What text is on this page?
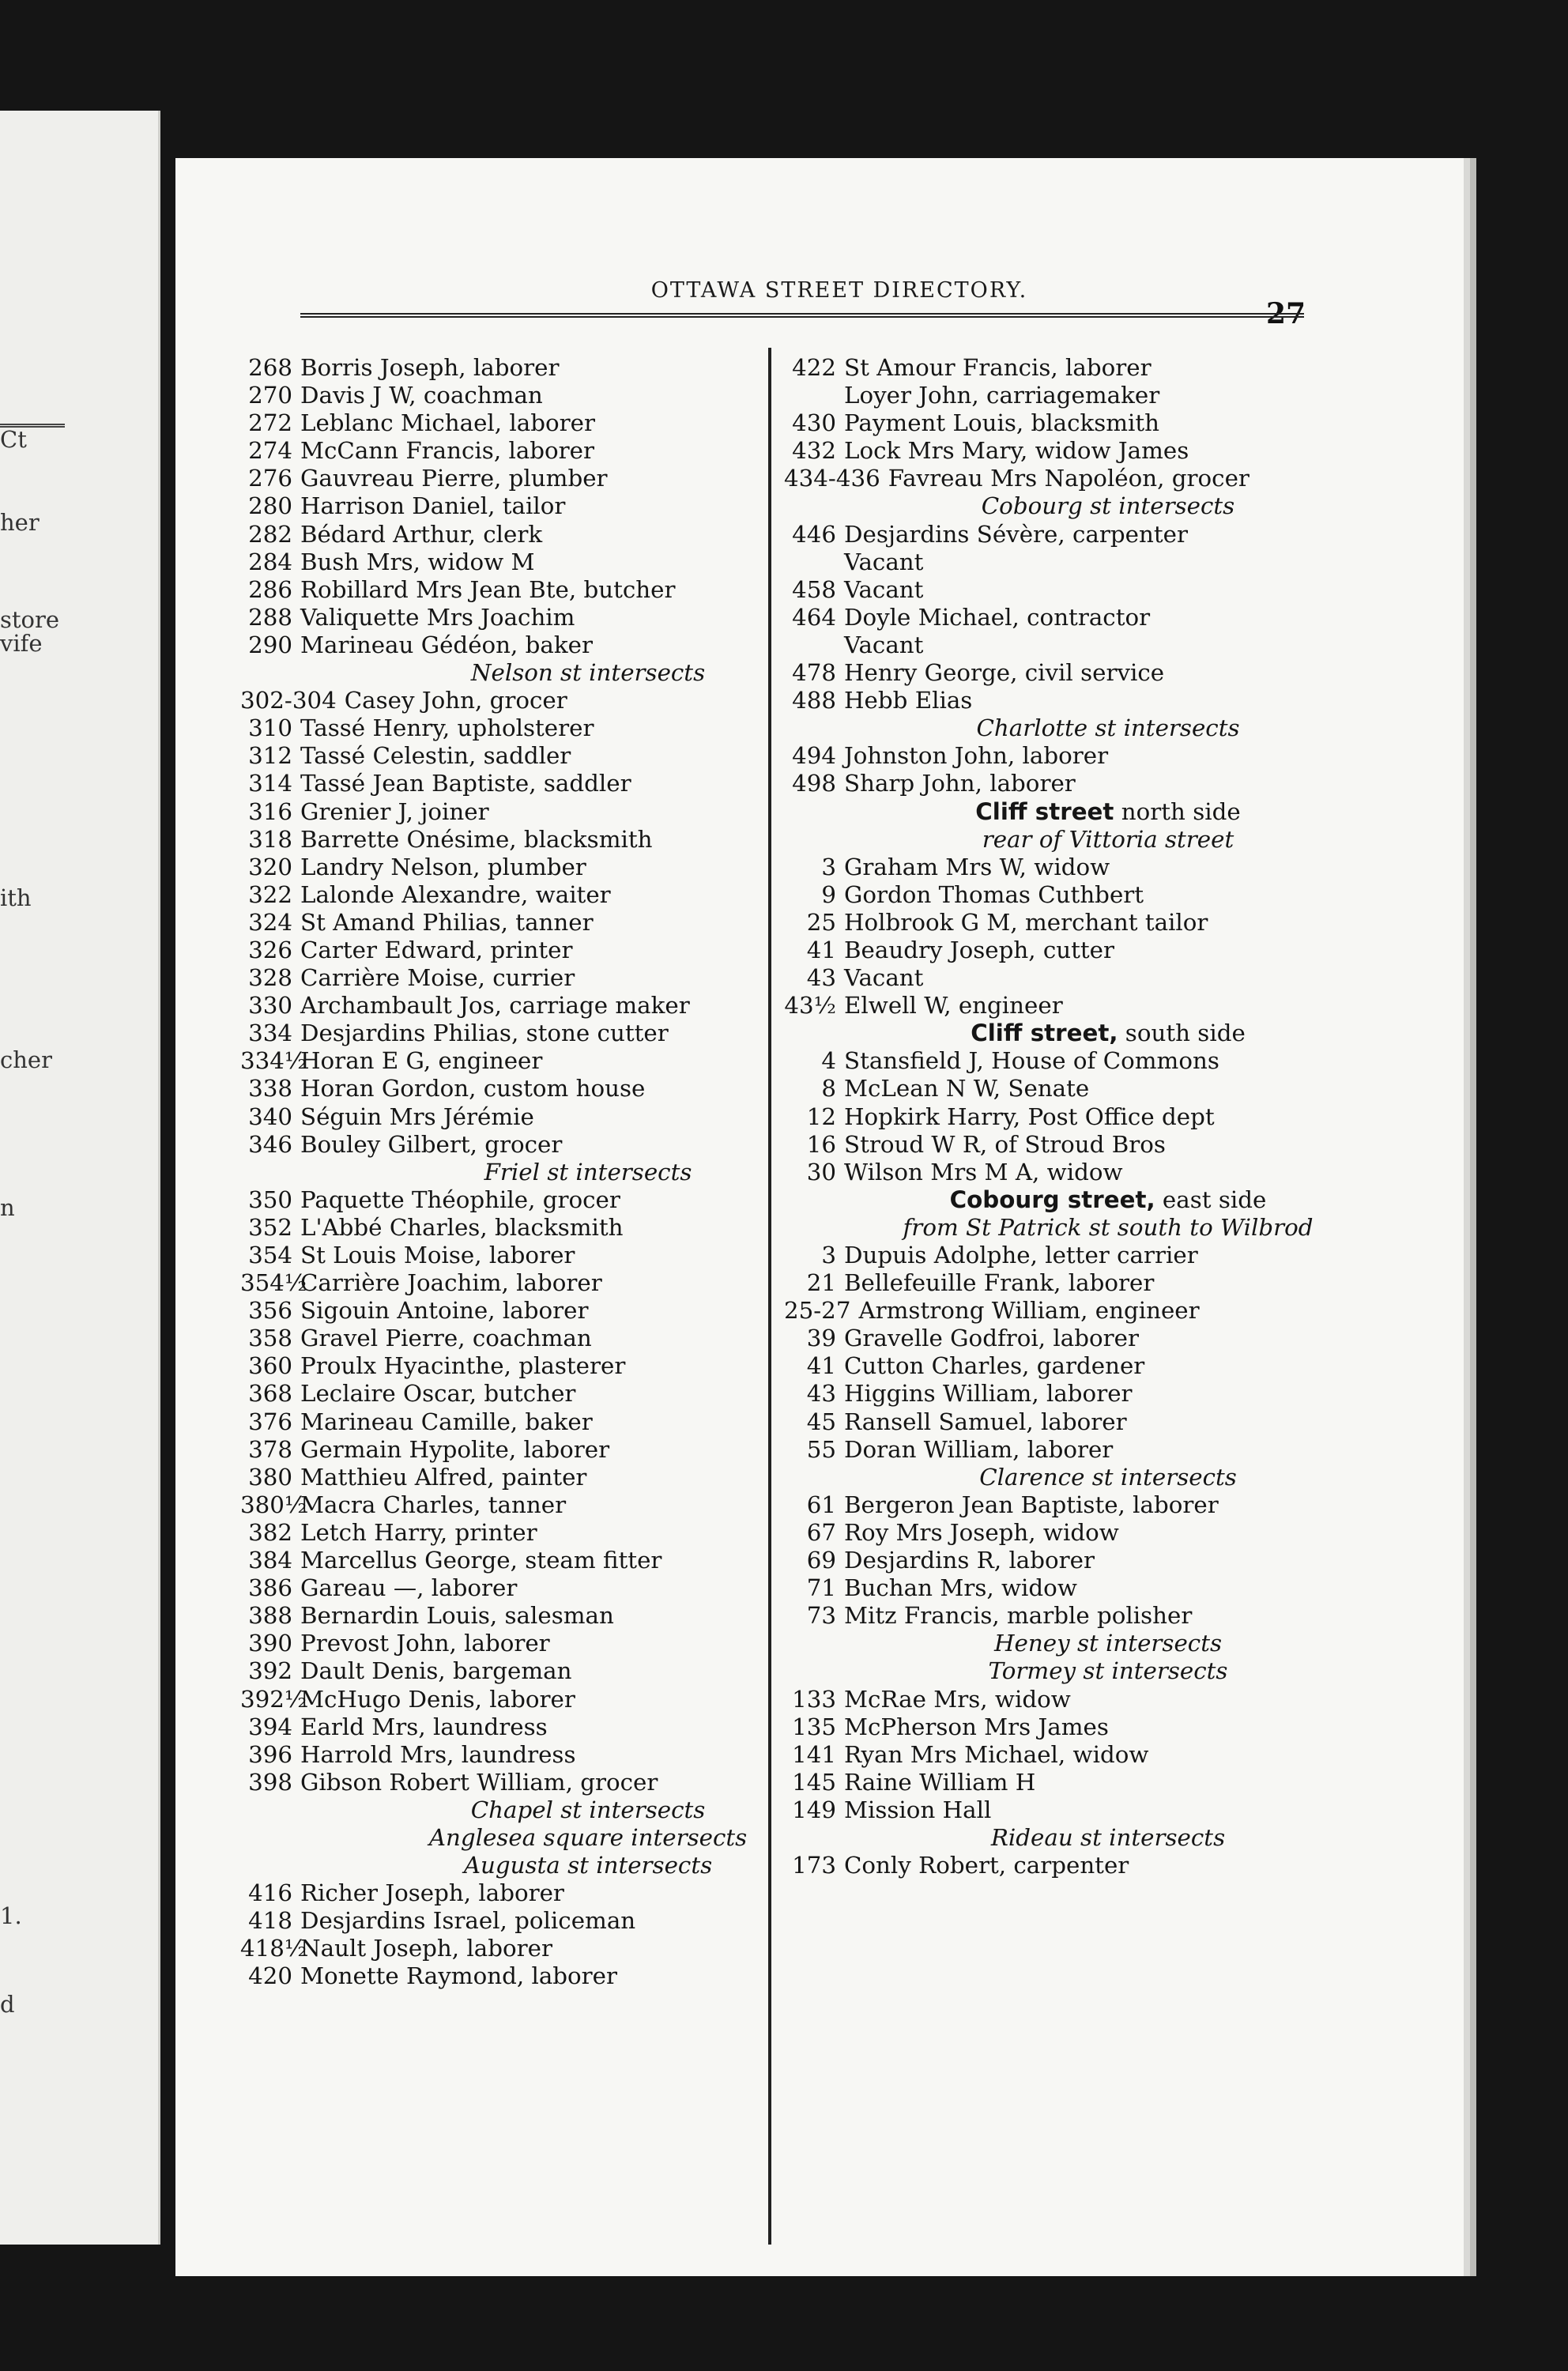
Ct
her
store
vife
ith
cher
n
1.
d
OTTAWA STREET DIRECTORY.
27
268 Borris Joseph, laborer
270 Davis J W, coachman
272 Leblanc Michael, laborer
274 McCann Francis, laborer
276 Gauvreau Pierre, plumber
280 Harrison Daniel, tailor
282 Bédard Arthur, clerk
284 Bush Mrs, widow M
286 Robillard Mrs Jean Bte, butcher
288 Valiquette Mrs Joachim
290 Marineau Gédéon, baker
Nelson st intersects
302-304 Casey John, grocer
310 Tassé Henry, upholsterer
312 Tassé Celestin, saddler
314 Tassé Jean Baptiste, saddler
316 Grenier J, joiner
318 Barrette Onésime, blacksmith
320 Landry Nelson, plumber
322 Lalonde Alexandre, waiter
324 St Amand Philias, tanner
326 Carter Edward, printer
328 Carrière Moise, currier
330 Archambault Jos, carriage maker
334 Desjardins Philias, stone cutter
334½Horan E G, engineer
338 Horan Gordon, custom house
340 Séguin Mrs Jérémie
346 Bouley Gilbert, grocer
Friel st intersects
350 Paquette Théophile, grocer
352 L'Abbé Charles, blacksmith
354 St Louis Moise, laborer
354½Carrière Joachim, laborer
356 Sigouin Antoine, laborer
358 Gravel Pierre, coachman
360 Proulx Hyacinthe, plasterer
368 Leclaire Oscar, butcher
376 Marineau Camille, baker
378 Germain Hypolite, laborer
380 Matthieu Alfred, painter
380½Macra Charles, tanner
382 Letch Harry, printer
384 Marcellus George, steam fitter
386 Gareau —, laborer
388 Bernardin Louis, salesman
390 Prevost John, laborer
392 Dault Denis, bargeman
392½McHugo Denis, laborer
394 Earld Mrs, laundress
396 Harrold Mrs, laundress
398 Gibson Robert William, grocer
Chapel st intersects
Anglesea square intersects
Augusta st intersects
416 Richer Joseph, laborer
418 Desjardins Israel, policeman
418½Nault Joseph, laborer
420 Monette Raymond, laborer
422 St Amour Francis, laborer
Loyer John, carriagemaker
430 Payment Louis, blacksmith
432 Lock Mrs Mary, widow James
434-436 Favreau Mrs Napoléon, grocer
Cobourg st intersects
446 Desjardins Sévère, carpenter
Vacant
458 Vacant
464 Doyle Michael, contractor
Vacant
478 Henry George, civil service
488 Hebb Elias
Charlotte st intersects
494 Johnston John, laborer
498 Sharp John, laborer
Cliff street north side
rear of Vittoria street
3 Graham Mrs W, widow
9 Gordon Thomas Cuthbert
25 Holbrook G M, merchant tailor
41 Beaudry Joseph, cutter
43 Vacant
43½ Elwell W, engineer
Cliff street, south side
4 Stansfield J, House of Commons
8 McLean N W, Senate
12 Hopkirk Harry, Post Office dept
16 Stroud W R, of Stroud Bros
30 Wilson Mrs M A, widow
Cobourg street, east side
from St Patrick st south to Wilbrod
3 Dupuis Adolphe, letter carrier
21 Bellefeuille Frank, laborer
25-27 Armstrong William, engineer
39 Gravelle Godfroi, laborer
41 Cutton Charles, gardener
43 Higgins William, laborer
45 Ransell Samuel, laborer
55 Doran William, laborer
Clarence st intersects
61 Bergeron Jean Baptiste, laborer
67 Roy Mrs Joseph, widow
69 Desjardins R, laborer
71 Buchan Mrs, widow
73 Mitz Francis, marble polisher
Heney st intersects
Tormey st intersects
133 McRae Mrs, widow
135 McPherson Mrs James
141 Ryan Mrs Michael, widow
145 Raine William H
149 Mission Hall
Rideau st intersects
173 Conly Robert, carpenter
